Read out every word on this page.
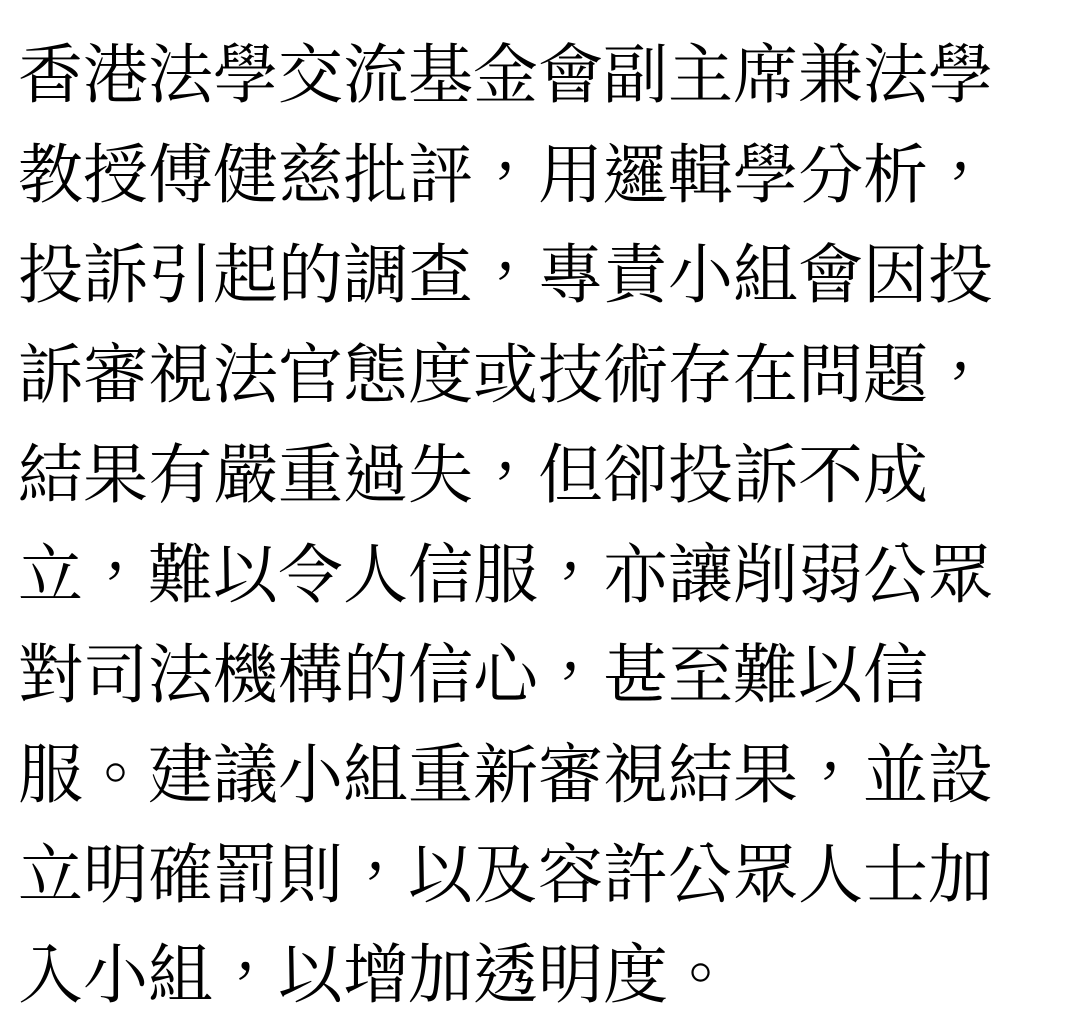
香港法學交流基金會副主席兼法學教授傅健慈批評，用邏輯學分析，投訴引起的調查，專責小組會因投訴審視法官態度或技術存在問題，結果有嚴重過失，但卻投訴不成立，難以令人信服，亦讓削弱公眾對司法機構的信心，甚至難以信服。建議小組重新審視結果，並設立明確罰則，以及容許公眾人士加入小組，以增加透明度。
